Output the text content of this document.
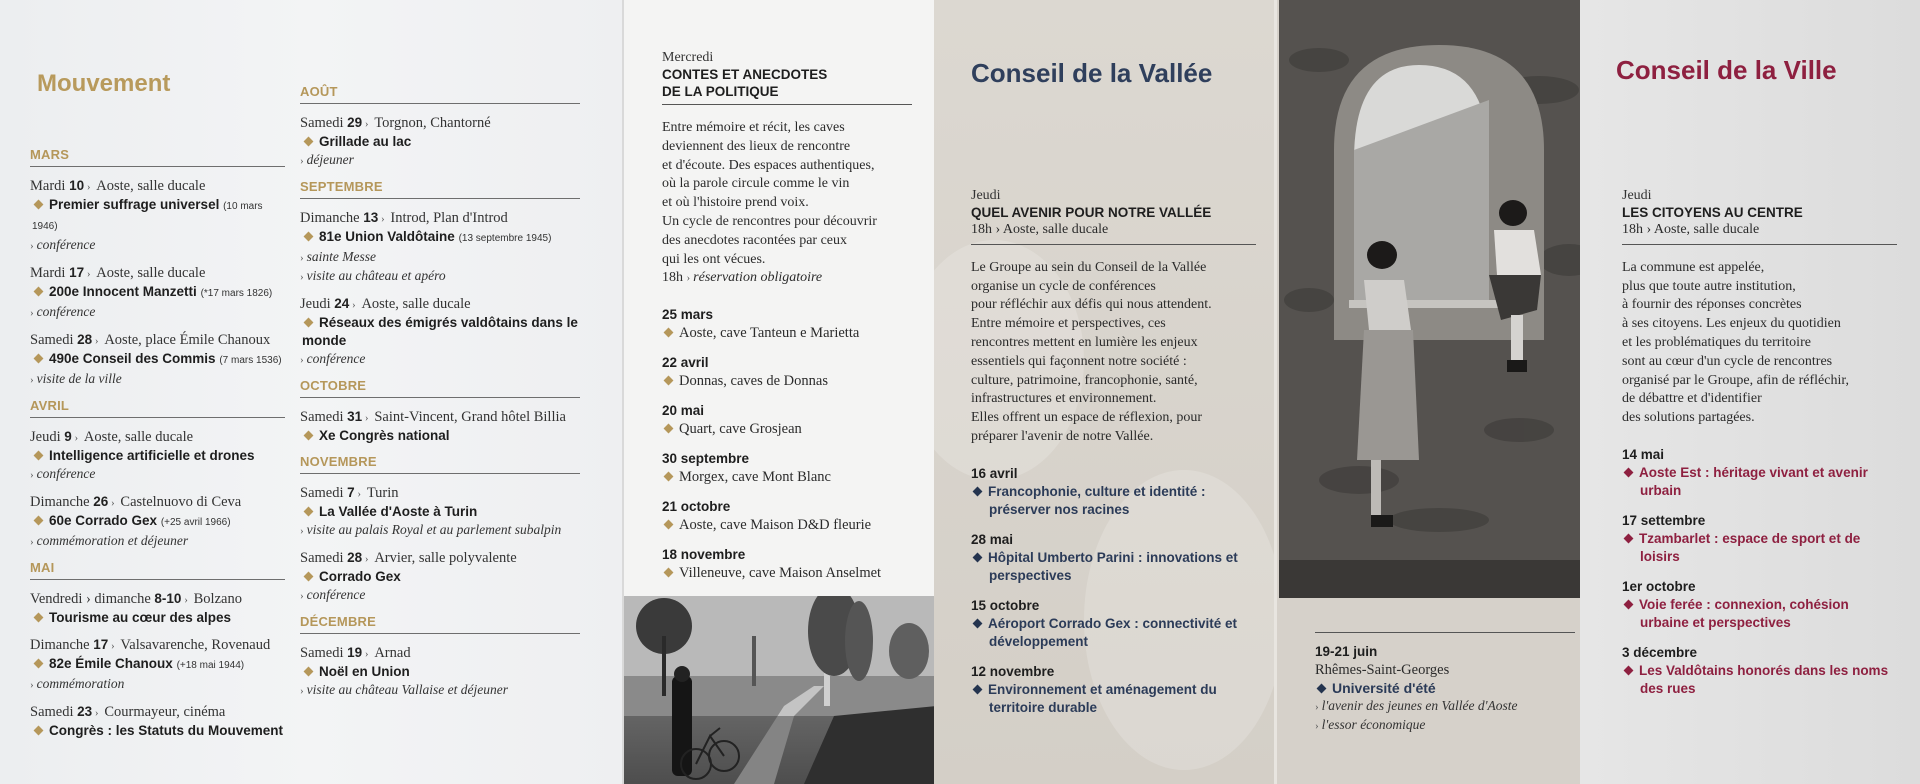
Mouvement
MARS
Mardi 10 › Aoste, salle ducale
Premier suffrage universel (10 mars 1946)
› conférence
Mardi 17 › Aoste, salle ducale
200e Innocent Manzetti (*17 mars 1826)
› conférence
Samedi 28 › Aoste, place Émile Chanoux
490e Conseil des Commis (7 mars 1536)
› visite de la ville
AVRIL
Jeudi 9 › Aoste, salle ducale
Intelligence artificielle et drones
› conférence
Dimanche 26 › Castelnuovo di Ceva
60e Corrado Gex (+25 avril 1966)
› commémoration et déjeuner
MAI
Vendredi › dimanche 8-10 › Bolzano
Tourisme au cœur des alpes
Dimanche 17 › Valsavarenche, Rovenaud
82e Émile Chanoux (+18 mai 1944)
› commémoration
Samedi 23 › Courmayeur, cinéma
Congrès : les Statuts du Mouvement
AOÛT
Samedi 29 › Torgnon, Chantorné
Grillade au lac
› déjeuner
SEPTEMBRE
Dimanche 13 › Introd, Plan d'Introd
81e Union Valdôtaine (13 septembre 1945)
› sainte Messe
› visite au château et apéro
Jeudi 24 › Aoste, salle ducale
Réseaux des émigrés valdôtains dans le monde
› conférence
OCTOBRE
Samedi 31 › Saint-Vincent, Grand hôtel Billia
Xe Congrès national
NOVEMBRE
Samedi 7 › Turin
La Vallée d'Aoste à Turin
› visite au palais Royal et au parlement subalpin
Samedi 28 › Arvier, salle polyvalente
Corrado Gex
› conférence
DÉCEMBRE
Samedi 19 › Arnad
Noël en Union
› visite au château Vallaise et déjeuner
Mercredi
CONTES ET ANECDOTES
DE LA POLITIQUE
Entre mémoire et récit, les caves
deviennent des lieux de rencontre
et d'écoute. Des espaces authentiques,
où la parole circule comme le vin
et où l'histoire prend voix.
Un cycle de rencontres pour découvrir
des anecdotes racontées par ceux
qui les ont vécues.
18h › réservation obligatoire
25 mars
Aoste, cave Tanteun e Marietta
22 avril
Donnas, caves de Donnas
20 mai
Quart, cave Grosjean
30 septembre
Morgex, cave Mont Blanc
21 octobre
Aoste, cave Maison D&D fleurie
18 novembre
Villeneuve, cave Maison Anselmet
Conseil de la Vallée
Jeudi
QUEL AVENIR POUR NOTRE VALLÉE
18h › Aoste, salle ducale
Le Groupe au sein du Conseil de la Vallée
organise un cycle de conférences
pour réfléchir aux défis qui nous attendent.
Entre mémoire et perspectives, ces
rencontres mettent en lumière les enjeux
essentiels qui façonnent notre société :
culture, patrimoine, francophonie, santé,
infrastructures et environnement.
Elles offrent un espace de réflexion, pour
préparer l'avenir de notre Vallée.
16 avril
Francophonie, culture et identité : préserver nos racines
28 mai
Hôpital Umberto Parini : innovations et perspectives
15 octobre
Aéroport Corrado Gex : connectivité et développement
12 novembre
Environnement et aménagement du territoire durable
19-21 juin
Rhêmes-Saint-Georges
Université d'été
› l'avenir des jeunes en Vallée d'Aoste
› l'essor économique
Conseil de la Ville
Jeudi
LES CITOYENS AU CENTRE
18h › Aoste, salle ducale
La commune est appelée,
plus que toute autre institution,
à fournir des réponses concrètes
à ses citoyens. Les enjeux du quotidien
et les problématiques du territoire
sont au cœur d'un cycle de rencontres
organisé par le Groupe, afin de réfléchir,
de débattre et d'identifier
des solutions partagées.
14 mai
Aoste Est : héritage vivant et avenir urbain
17 settembre
Tzambarlet : espace de sport et de loisirs
1er octobre
Voie ferée : connexion, cohésion urbaine et perspectives
3 décembre
Les Valdôtains honorés dans les noms des rues
